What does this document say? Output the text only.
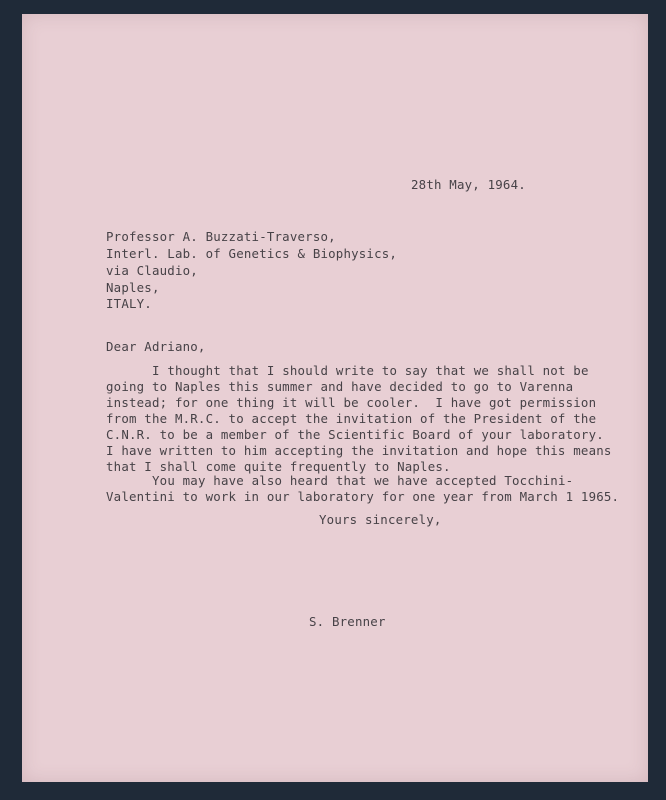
28th May, 1964.
Professor A. Buzzati-Traverso,
Interl. Lab. of Genetics & Biophysics,
via Claudio,
Naples,
ITALY.
Dear Adriano,
I thought that I should write to say that we shall not be
going to Naples this summer and have decided to go to Varenna
instead; for one thing it will be cooler.  I have got permission
from the M.R.C. to accept the invitation of the President of the
C.N.R. to be a member of the Scientific Board of your laboratory.
I have written to him accepting the invitation and hope this means
that I shall come quite frequently to Naples.
You may have also heard that we have accepted Tocchini-
Valentini to work in our laboratory for one year from March 1 1965.
Yours sincerely,
S. Brenner
